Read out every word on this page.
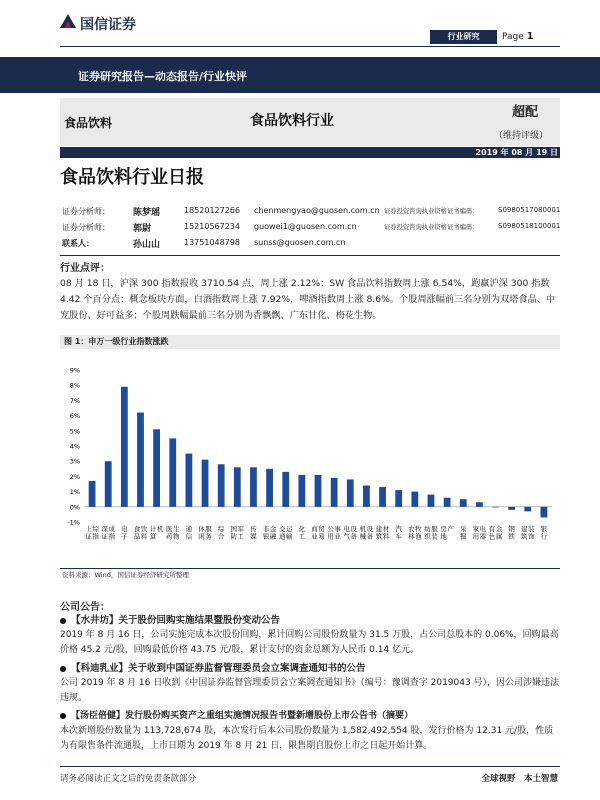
国信证券
行业研究	Page 1
证券研究报告—动态报告/行业快评
食品饮料	食品饮料行业
超配
（维持评级）
2019 年 08 月 19 日
食品饮料行业日报
证券分析师：	陈梦瑶	18520127266 chenmengyao@guosen.com.cn 证券投资咨询执业资格证书编码：	S0980517080001
证券分析师：	郭尉	15210567234 guowei1@guosen.com.cn	证券投资咨询执业资格证书编码：	S0980518100001
联系人：	孙山山	13751048798 sunss@guosen.com.cn
行业点评：
08 月 18 日，沪深 300 指数报收 3710.54 点，周上涨 2.12%；SW 食品饮料指数周上涨 6.54%，跑赢沪深 300 指数 4.42 个百分点；概念板块方面，白酒指数周上涨 7.92%，啤酒指数周上涨 8.6%。个股周涨幅前三名分别为双塔食品、中宠股份、好可益多；个股周跌幅最前三名分别为香飘飘、广东甘化、梅花生物。
图 1：申万一级行业指数涨跌
9%
8%
7%
6%
5%
4%
3%
2%
1%
0%
-1%
上证综指
深证成指
电子
食品饮料
计算机 医药生物
通信
休闲服务
综合
国防军工
传媒
非银金融
交通运输
化工
商业贸易
公用事业
电气设备
机械设备
建筑材料
汽车
农林牧渔
纺织服装
房地产 采掘
家用电器
有色金属
钢铁
建筑装饰
银行
资料来源：Wind，国信证券经济研究所整理
公司公告：
【水井坊】关于股份回购实施结果暨股份变动公告
2019 年 8 月 16 日，公司实施完成本次股份回购，累计回购公司股份数量为 31.5 万股，占公司总股本的 0.06%，回购最高价格 45.2 元/股，回购最低价格 43.75 元/股，累计支付的资金总额为人民币 0.14 亿元。
【科迪乳业】关于收到中国证券监督管理委员会立案调查通知书的公告
公司 2019 年 8 月 16 日收到《中国证券监督管理委员会立案调查通知书》（编号：豫调查字 2019043 号），因公司涉嫌违法违规。
【汤臣倍健】发行股份购买资产之重组实施情况报告书暨新增股份上市公告书（摘要）
本次新增股份数量为 113,728,674 股，本次发行后本公司股份数量为 1,582,492,554 股，发行价格为 12.31 元/股，性质为有限售条件流通股，上市日期为 2019 年 8 月 21 日，限售期自股份上市之日起开始计算。
请务必阅读正文之后的免责条款部分	全球视野　本土智慧
